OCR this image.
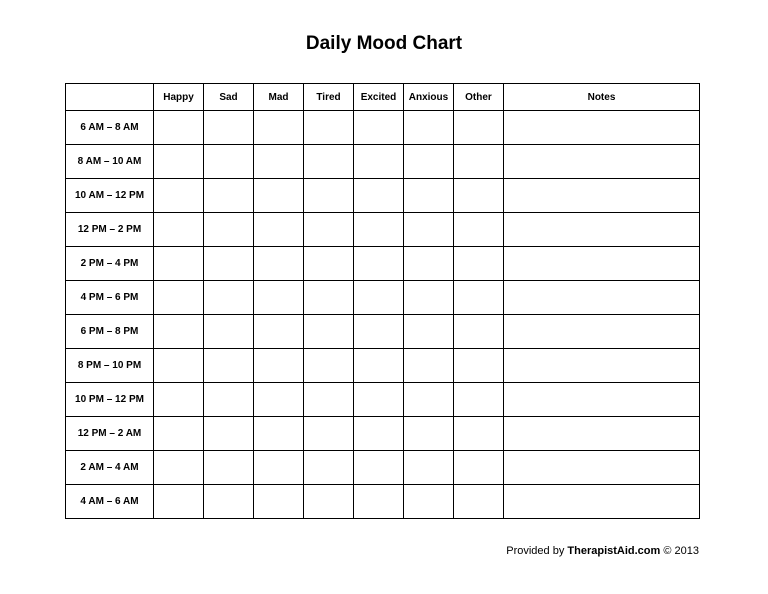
Daily Mood Chart
	Happy	Sad	Mad	Tired	Excited	Anxious	Other	Notes
6 AM – 8 AM								
8 AM – 10 AM								
10 AM – 12 PM								
12 PM – 2 PM								
2 PM – 4 PM								
4 PM – 6 PM								
6 PM – 8 PM								
8 PM – 10 PM								
10 PM – 12 PM								
12 PM – 2 AM								
2 AM – 4 AM								
4 AM – 6 AM								
Provided by TherapistAid.com © 2013
